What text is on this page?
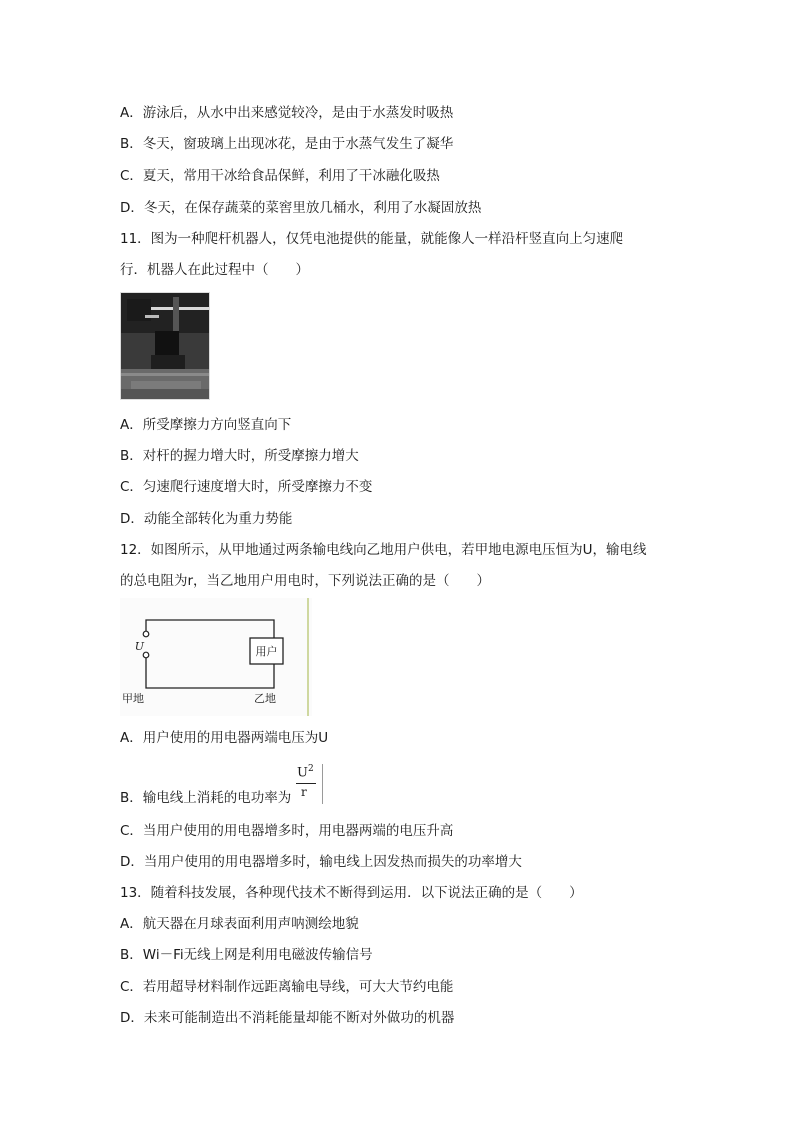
A．游泳后，从水中出来感觉较冷，是由于水蒸发时吸热
B．冬天，窗玻璃上出现冰花，是由于水蒸气发生了凝华
C．夏天，常用干冰给食品保鲜，利用了干冰融化吸热
D．冬天，在保存蔬菜的菜窖里放几桶水，利用了水凝固放热
11．图为一种爬杆机器人，仅凭电池提供的能量，就能像人一样沿杆竖直向上匀速爬
行．机器人在此过程中（　　）
A．所受摩擦力方向竖直向下
B．对杆的握力增大时，所受摩擦力增大
C．匀速爬行速度增大时，所受摩擦力不变
D．动能全部转化为重力势能
12．如图所示，从甲地通过两条输电线向乙地用户供电，若甲地电源电压恒为U，输电线
的总电阻为r，当乙地用户用电时，下列说法正确的是（　　）
用户
U
甲地	乙地
A．用户使用的用电器两端电压为U
B．输电线上消耗的电功率为
$U^2$
r
C．当用户使用的用电器增多时，用电器两端的电压升高
D．当用户使用的用电器增多时，输电线上因发热而损失的功率增大
13．随着科技发展，各种现代技术不断得到运用．以下说法正确的是（　　）
A．航天器在月球表面利用声呐测绘地貌
B．Wi－Fi无线上网是利用电磁波传输信号
C．若用超导材料制作远距离输电导线，可大大节约电能
D．未来可能制造出不消耗能量却能不断对外做功的机器
